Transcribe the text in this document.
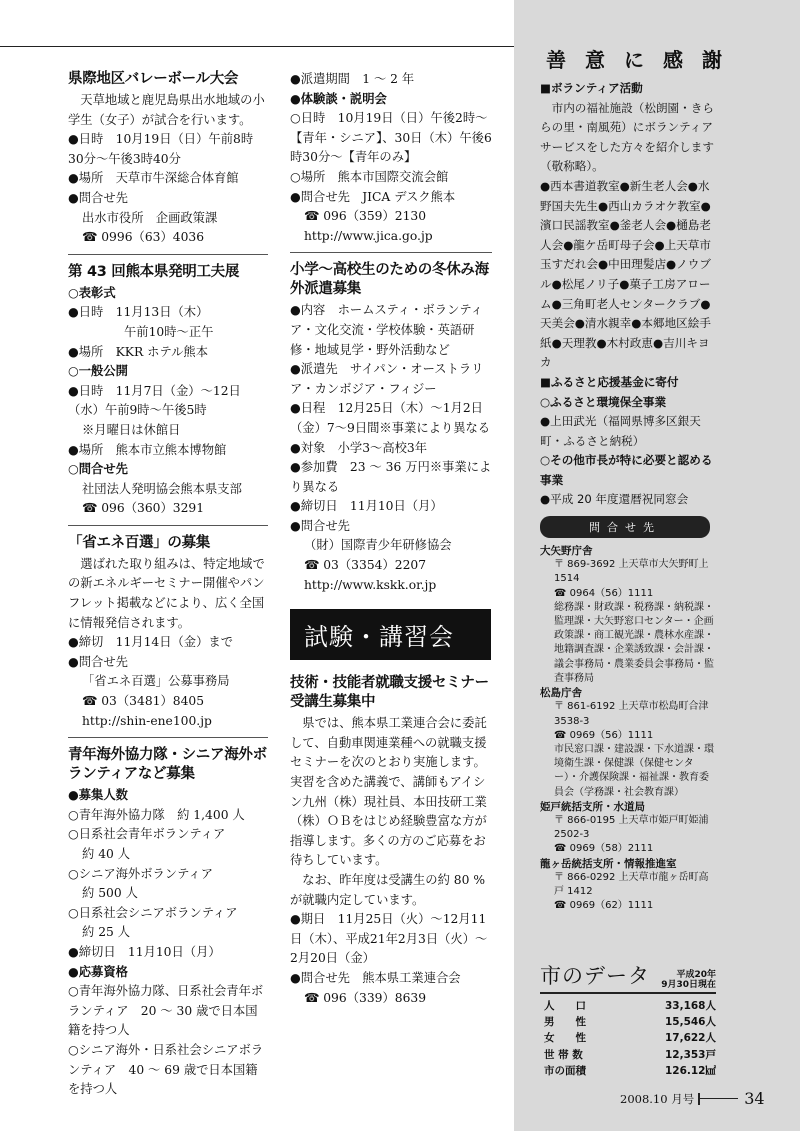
県際地区バレーボール大会

天草地域と鹿児島県出水地域の小学生（女子）が試合を行います。

●日時　10月19日（日）午前8時30分～午後3時40分

●場所　天草市牛深総合体育館

●問合せ先

出水市役所　企画政策課

☎ 0996（63）4036

第 43 回熊本県発明工夫展

○表彰式

●日時　11月13日（木）

午前10時～正午

●場所　KKR ホテル熊本

○一般公開

●日時　11月7日（金）～12日（水）午前9時～午後5時

※月曜日は休館日

●場所　熊本市立熊本博物館

○問合せ先

社団法人発明協会熊本県支部

☎ 096（360）3291

「省エネ百選」の募集

選ばれた取り組みは、特定地域での新エネルギーセミナー開催やパンフレット掲載などにより、広く全国に情報発信されます。

●締切　11月14日（金）まで

●問合せ先

「省エネ百選」公募事務局

☎ 03（3481）8405

http://shin-ene100.jp

青年海外協力隊・シニア海外ボランティアなど募集

●募集人数

○青年海外協力隊　約 1,400 人

○日系社会青年ボランティア

約 40 人

○シニア海外ボランティア

約 500 人

○日系社会シニアボランティア

約 25 人

●締切日　11月10日（月）

●応募資格

○青年海外協力隊、日系社会青年ボランティア　20 ～ 30 歳で日本国籍を持つ人

○シニア海外・日系社会シニアボランティア　40 ～ 69 歳で日本国籍を持つ人

●派遣期間　1 ～ 2 年

●体験談・説明会

○日時　10月19日（日）午後2時～【青年・シニア】、30日（木）午後6時30分～【青年のみ】

○場所　熊本市国際交流会館

●問合せ先　JICA デスク熊本

☎ 096（359）2130

http://www.jica.go.jp

小学～高校生のための冬休み海外派遣募集

●内容　ホームスティ・ボランティア・文化交流・学校体験・英語研修・地域見学・野外活動など

●派遣先　サイパン・オーストラリア・カンボジア・フィジー

●日程　12月25日（木）～1月2日（金）7～9日間※事業により異なる

●対象　小学3～高校3年

●参加費　23 ～ 36 万円※事業により異なる

●締切日　11月10日（月）

●問合せ先

（財）国際青少年研修協会

☎ 03（3354）2207

http://www.kskk.or.jp

試験・講習会
技術・技能者就職支援セミナー受講生募集中

県では、熊本県工業連合会に委託して、自動車関連業種への就職支援セミナーを次のとおり実施します。実習を含めた講義で、講師もアイシン九州（株）現社員、本田技研工業（株）ＯＢをはじめ経験豊富な方が指導します。多くの方のご応募をお待ちしています。

なお、昨年度は受講生の約 80 %が就職内定しています。

●期日　11月25日（火）～12月11日（木）、平成21年2月3日（火）～2月20日（金）

●問合せ先　熊本県工業連合会

☎ 096（339）8639

善意に感謝

■ボランティア活動

市内の福祉施設（松朗園・きららの里・南風苑）にボランティアサービスをした方々を紹介します（敬称略）。

●西本書道教室●新生老人会●水野国夫先生●西山カラオケ教室●濱口民謡教室●釜老人会●樋島老人会●龍ケ岳町母子会●上天草市玉すだれ会●中田理髪店●ノウブル●松尾ノリ子●菓子工房アローム●三角町老人センタークラブ●天美会●清水親幸●本郷地区絵手紙●天理教●木村政恵●吉川キヨカ

■ふるさと応援基金に寄付

○ふるさと環境保全事業

●上田武光（福岡県博多区銀天町・ふるさと納税）

○その他市長が特に必要と認める事業

●平成 20 年度還暦祝同窓会

問合せ先

大矢野庁舎

〒 869-3692 上天草市大矢野町上 1514

☎ 0964（56）1111

総務課・財政課・税務課・納税課・監理課・大矢野窓口センター・企画政策課・商工観光課・農林水産課・地籍調査課・企業誘致課・会計課・議会事務局・農業委員会事務局・監査事務局

松島庁舎

〒 861-6192 上天草市松島町合津 3538-3

☎ 0969（56）1111

市民窓口課・建設課・下水道課・環境衛生課・保健課（保健センター）・介護保険課・福祉課・教育委員会（学務課・社会教育課）

姫戸統括支所・水道局

〒 866-0195 上天草市姫戸町姫浦 2502-3

☎ 0969（58）2111

龍ヶ岳統括支所・情報推進室

〒 866-0292 上天草市龍ヶ岳町高戸 1412

☎ 0969（62）1111

市のデータ	平成20年
9月30日現在
人　　口	33,168人
男　　性	15,546人
女　　性	17,622人
世 帯 数	12,353戸
市の面積	126.12㎢
2008.10 月号	34
